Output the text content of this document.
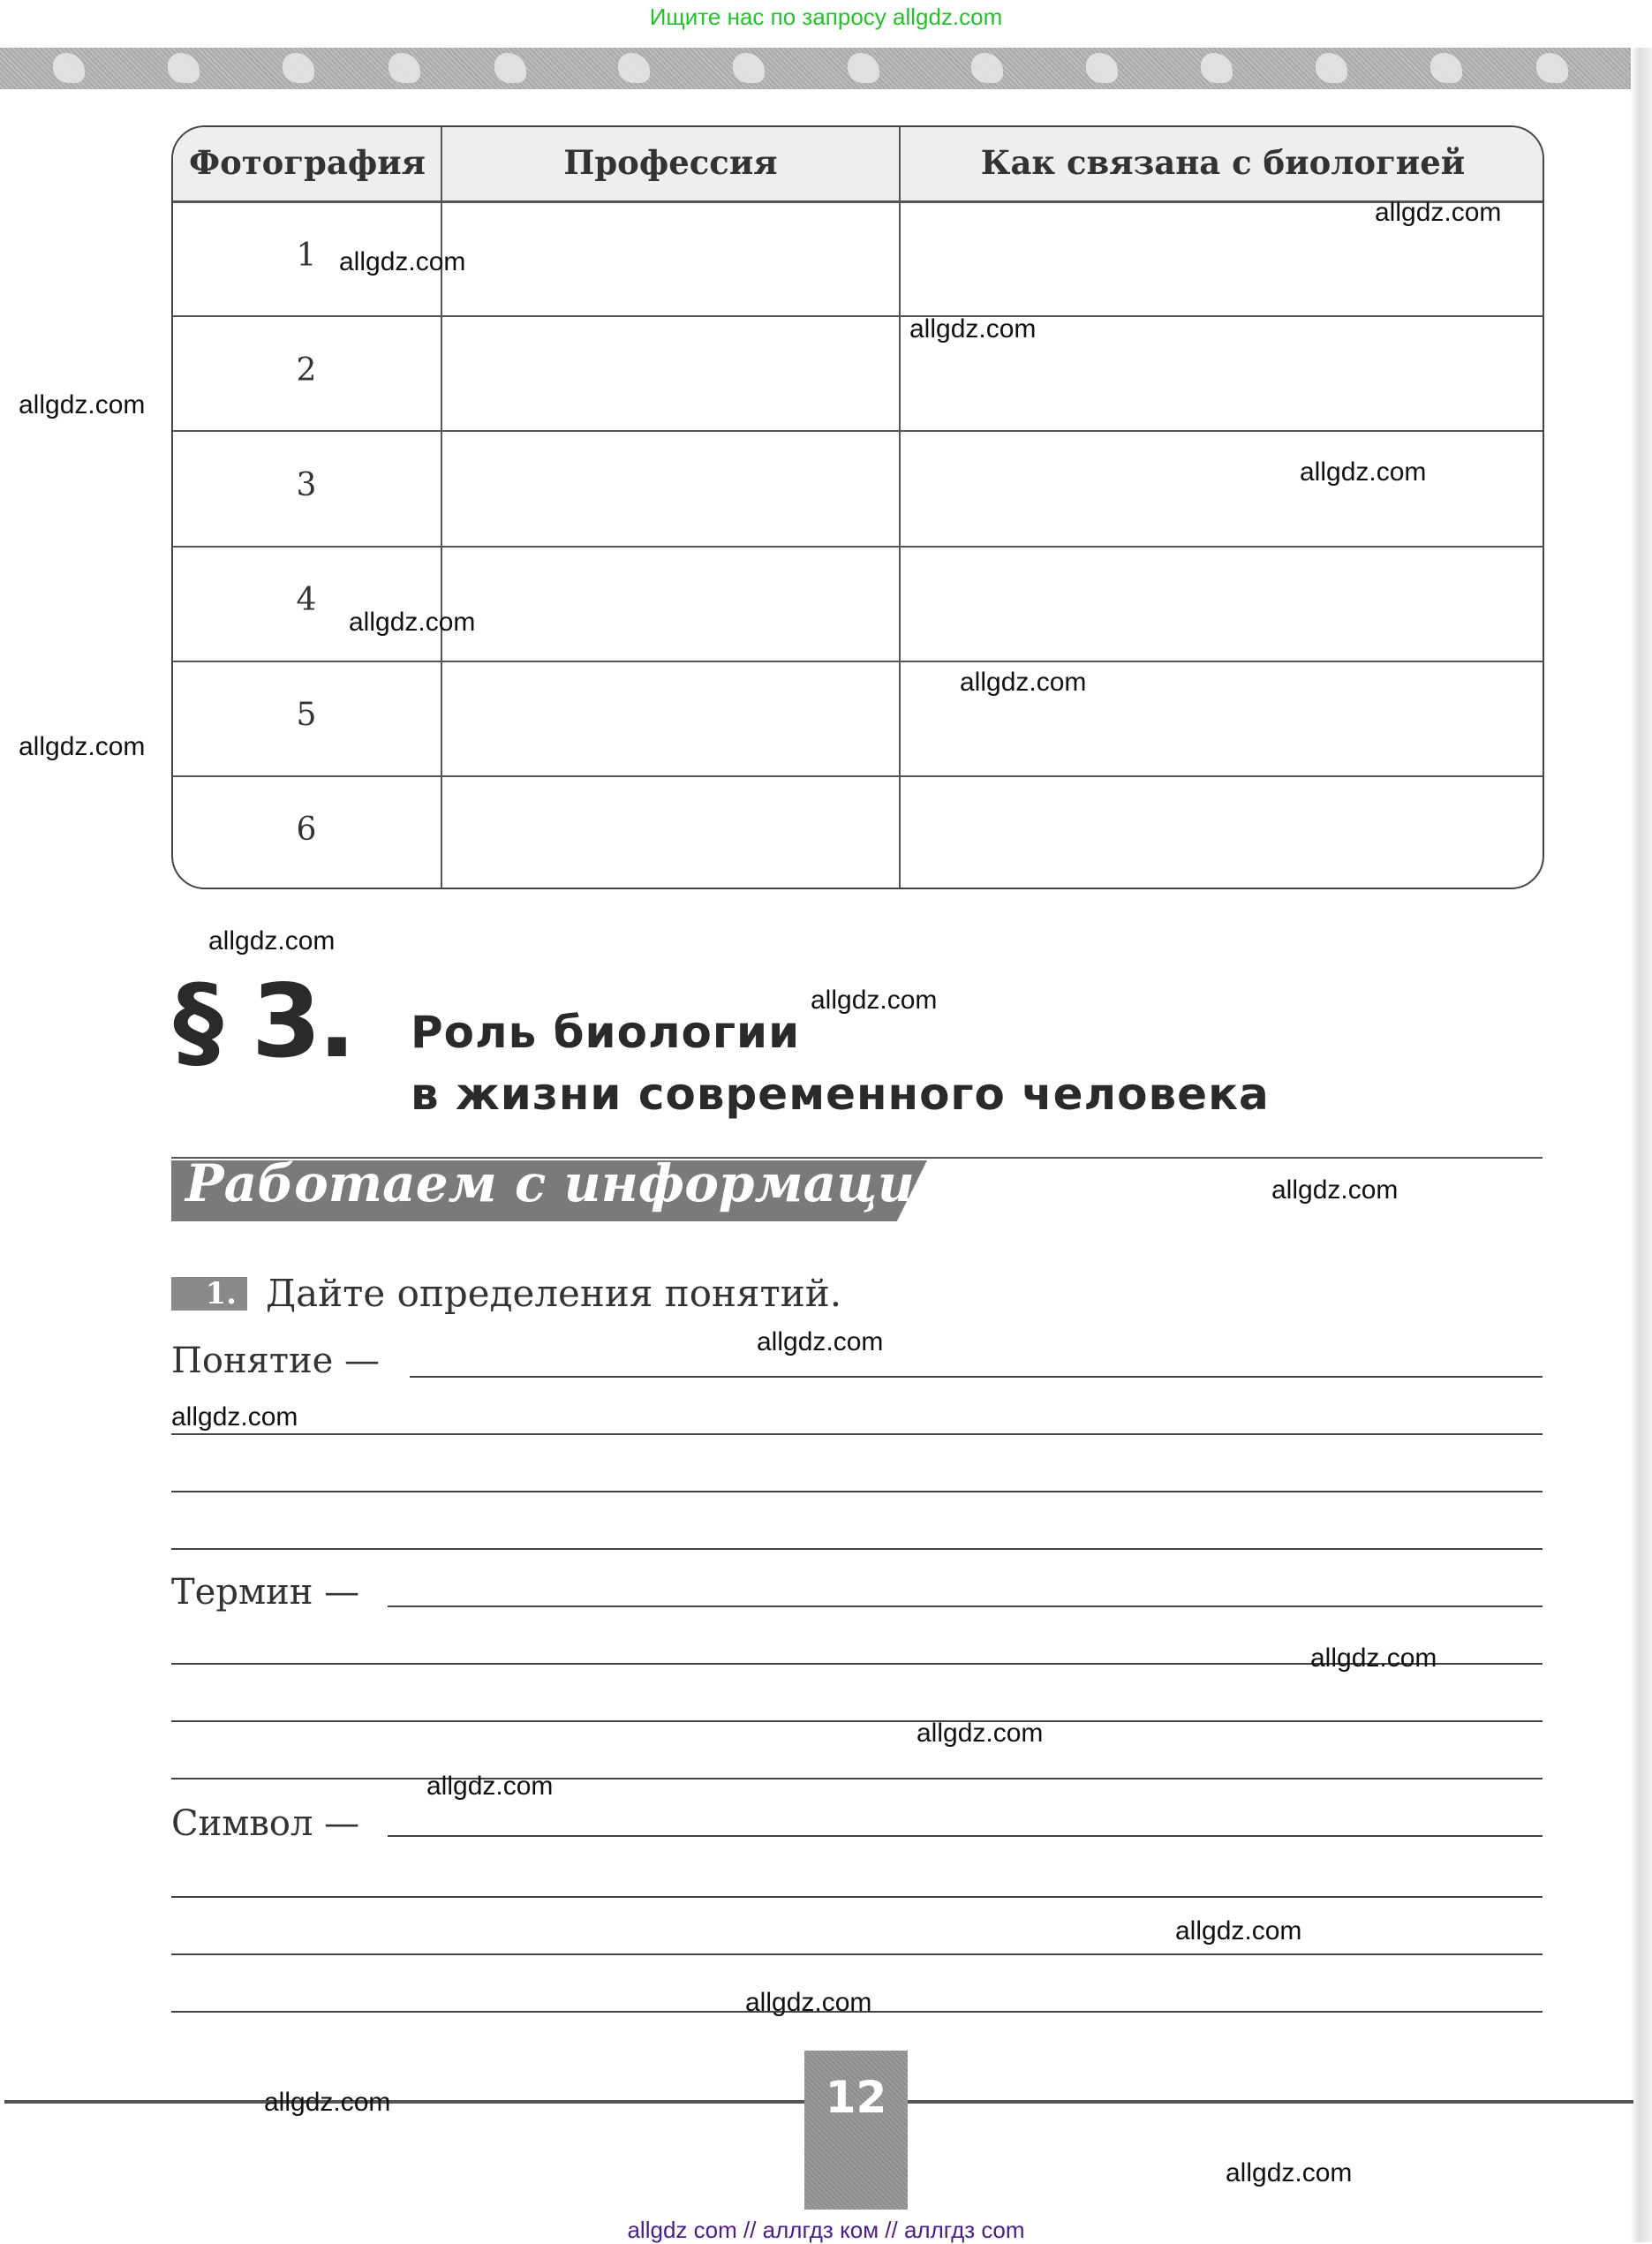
Ищите нас по запросу allgdz.com
Фотография	Профессия	Как связана с биологией
1
2
3
4
5
6
§ 3. Роль биологии
в жизни современного человека
Работаем с информацией
1. Дайте определения понятий.
Понятие —
Термин —
Символ —
12
allgdz com // аллгдз ком // аллгдз com
allgdz.com
allgdz.com
allgdz.com
allgdz.com
allgdz.com
allgdz.com
allgdz.com
allgdz.com
allgdz.com
allgdz.com
allgdz.com
allgdz.com
allgdz.com
allgdz.com
allgdz.com
allgdz.com
allgdz.com
allgdz.com
allgdz.com
allgdz.com
